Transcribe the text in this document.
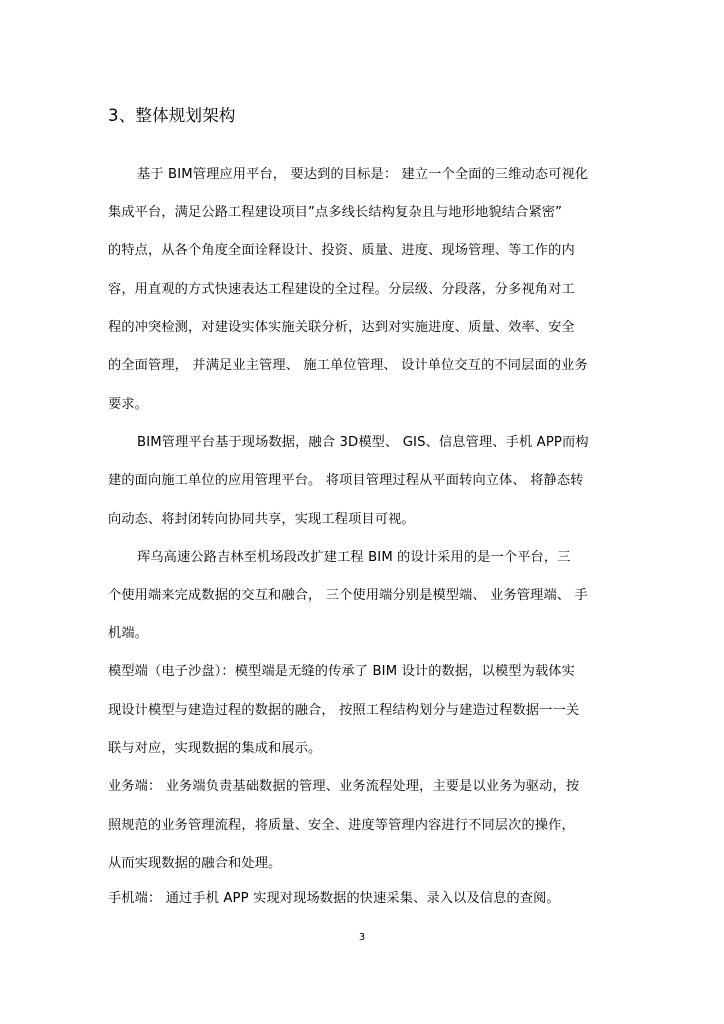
3、整体规划架构
基于 BIM管理应用平台， 要达到的目标是： 建立一个全面的三维动态可视化
集成平台，满足公路工程建设项目”点多线长结构复杂且与地形地貌结合紧密”
的特点，从各个角度全面诠释设计、投资、质量、进度、现场管理、等工作的内
容，用直观的方式快速表达工程建设的全过程。分层级、分段落，分多视角对工
程的冲突检测，对建设实体实施关联分析，达到对实施进度、质量、效率、安全
的全面管理， 并满足业主管理、 施工单位管理、 设计单位交互的不同层面的业务
要求。
BIM管理平台基于现场数据，融合 3D模型、 GIS、信息管理、手机 APP而构
建的面向施工单位的应用管理平台。 将项目管理过程从平面转向立体、 将静态转
向动态、将封闭转向协同共享，实现工程项目可视。
珲乌高速公路吉林至机场段改扩建工程 BIM 的设计采用的是一个平台，三
个使用端来完成数据的交互和融合， 三个使用端分别是模型端、 业务管理端、 手
机端。
模型端（电子沙盘）：模型端是无缝的传承了 BIM 设计的数据，以模型为载体实
现设计模型与建造过程的数据的融合， 按照工程结构划分与建造过程数据一一关
联与对应，实现数据的集成和展示。
业务端： 业务端负责基础数据的管理、业务流程处理，主要是以业务为驱动，按
照规范的业务管理流程，将质量、安全、进度等管理内容进行不同层次的操作，
从而实现数据的融合和处理。
手机端： 通过手机 APP 实现对现场数据的快速采集、录入以及信息的查阅。
3
